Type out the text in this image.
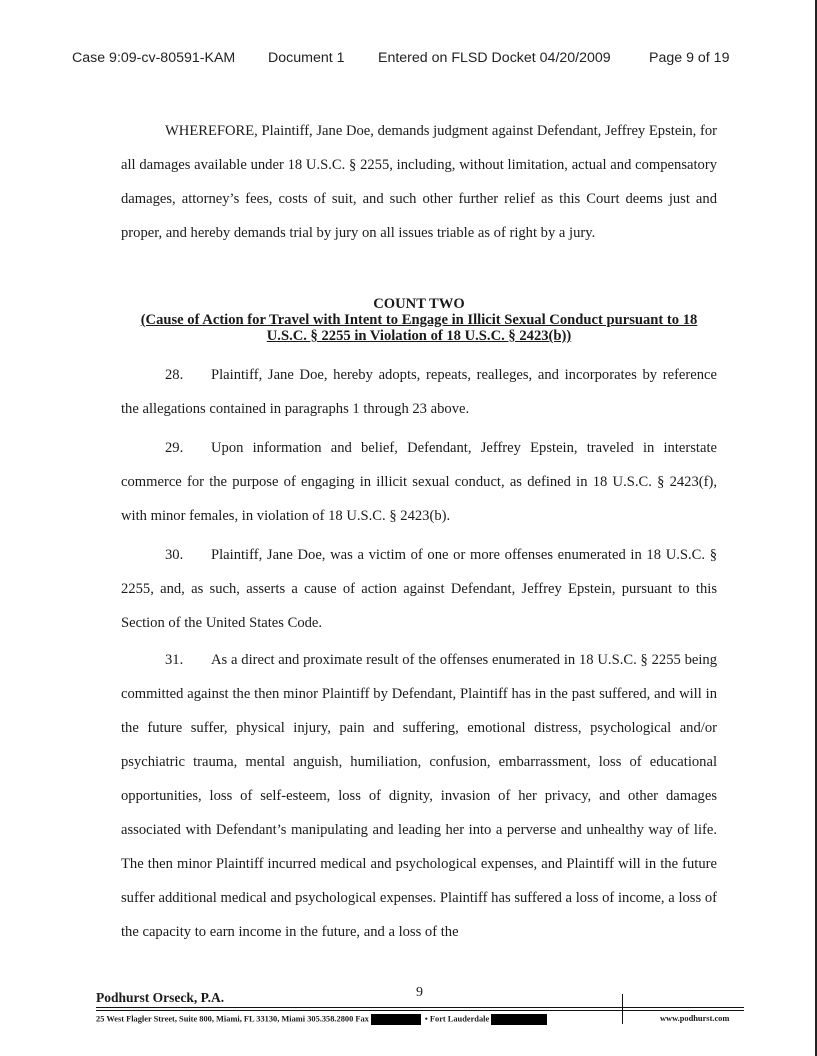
Case 9:09-cv-80591-KAM Document 1 Entered on FLSD Docket 04/20/2009	Page 9 of 19

WHEREFORE, Plaintiff, Jane Doe, demands judgment against Defendant, Jeffrey Epstein, for all damages available under 18 U.S.C. § 2255, including, without limitation, actual and compensatory damages, attorney’s fees, costs of suit, and such other further relief as this Court deems just and proper, and hereby demands trial by jury on all issues triable as of right by a jury.

COUNT TWO
(Cause of Action for Travel with Intent to Engage in Illicit Sexual Conduct pursuant to 18 U.S.C. § 2255 in Violation of 18 U.S.C. § 2423(b))

28. Plaintiff, Jane Doe, hereby adopts, repeats, realleges, and incorporates by reference the allegations contained in paragraphs 1 through 23 above.

29. Upon information and belief, Defendant, Jeffrey Epstein, traveled in interstate commerce for the purpose of engaging in illicit sexual conduct, as defined in 18 U.S.C. § 2423(f), with minor females, in violation of 18 U.S.C. § 2423(b).

30. Plaintiff, Jane Doe, was a victim of one or more offenses enumerated in 18 U.S.C. § 2255, and, as such, asserts a cause of action against Defendant, Jeffrey Epstein, pursuant to this Section of the United States Code.

31. As a direct and proximate result of the offenses enumerated in 18 U.S.C. § 2255 being committed against the then minor Plaintiff by Defendant, Plaintiff has in the past suffered, and will in the future suffer, physical injury, pain and suffering, emotional distress, psychological and/or psychiatric trauma, mental anguish, humiliation, confusion, embarrassment, loss of educational opportunities, loss of self-esteem, loss of dignity, invasion of her privacy, and other damages associated with Defendant’s manipulating and leading her into a perverse and unhealthy way of life. The then minor Plaintiff incurred medical and psychological expenses, and Plaintiff will in the future suffer additional medical and psychological expenses. Plaintiff has suffered a loss of income, a loss of the capacity to earn income in the future, and a loss of the

Podhurst Orseck, P.A.	9
25 West Flagler Street, Suite 800, Miami, FL 33130, Miami 305.358.2800 Fax	• Fort Lauderdale	www.podhurst.com
